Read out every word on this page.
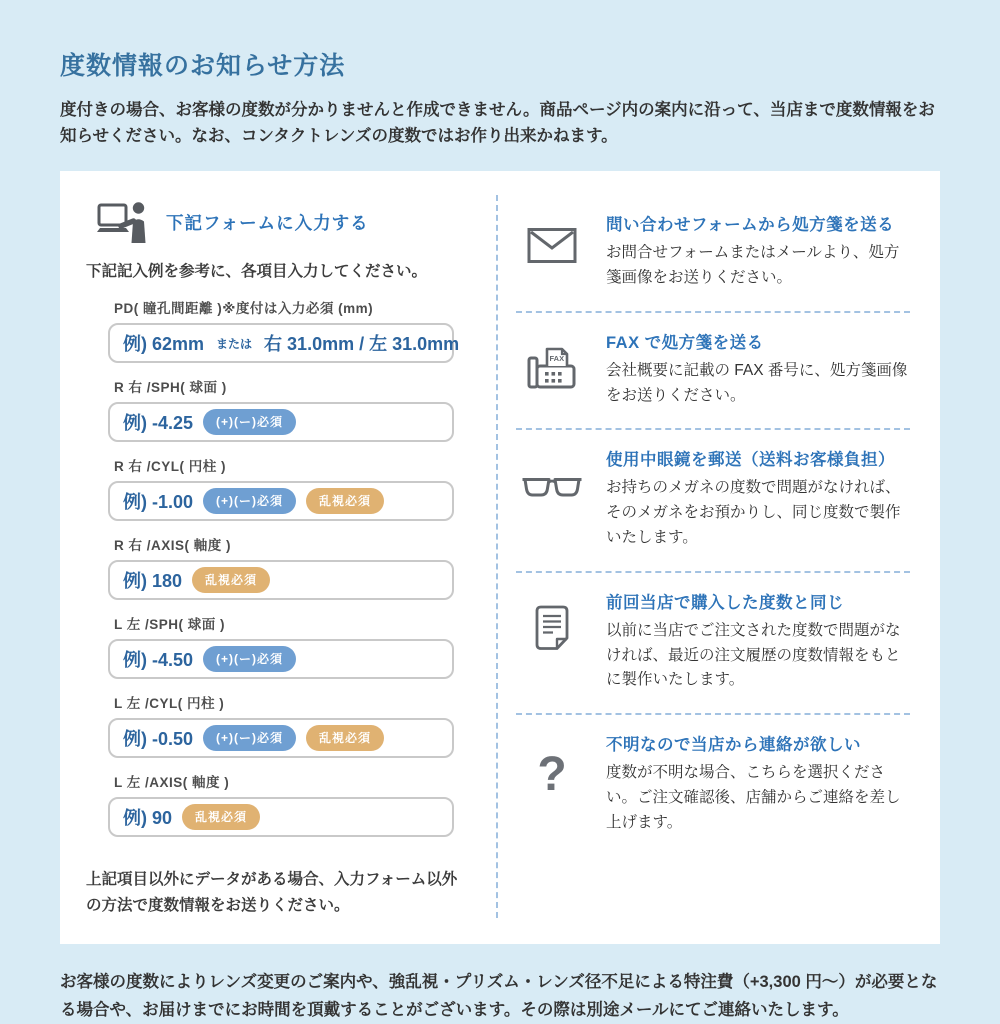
度数情報のお知らせ方法

度付きの場合、お客様の度数が分かりませんと作成できません。商品ページ内の案内に沿って、当店まで度数情報をお知らせください。なお、コンタクトレンズの度数ではお作り出来かねます。

下記フォームに入力する

下記記入例を参考に、各項目入力してください。

PD( 瞳孔間距離 )※度付は入力必須 (mm)
例) 62mm または 右 31.0mm / 左 31.0mm
R 右 /SPH( 球面 )
例) -4.25	(+)(ー)必須
R 右 /CYL( 円柱 )
例) -1.00	(+)(ー)必須	乱視必須
R 右 /AXIS( 軸度 )
例) 180	乱視必須
L 左 /SPH( 球面 )
例) -4.50	(+)(ー)必須
L 左 /CYL( 円柱 )
例) -0.50	(+)(ー)必須	乱視必須
L 左 /AXIS( 軸度 )
例) 90	乱視必須

上記項目以外にデータがある場合、入力フォーム以外の方法で度数情報をお送りください。

問い合わせフォームから処方箋を送る

お問合せフォームまたはメールより、処方箋画像をお送りください。

FAX
FAX で処方箋を送る

会社概要に記載の FAX 番号に、処方箋画像をお送りください。

使用中眼鏡を郵送（送料お客様負担）

お持ちのメガネの度数で問題がなければ、そのメガネをお預かりし、同じ度数で製作いたします。

前回当店で購入した度数と同じ

以前に当店でご注文された度数で問題がなければ、最近の注文履歴の度数情報をもとに製作いたします。

?
不明なので当店から連絡が欲しい

度数が不明な場合、こちらを選択ください。ご注文確認後、店舗からご連絡を差し上げます。

お客様の度数によりレンズ変更のご案内や、強乱視・プリズム・レンズ径不足による特注費（+3,300 円〜）が必要となる場合や、お届けまでにお時間を頂戴することがございます。その際は別途メールにてご連絡いたします。
